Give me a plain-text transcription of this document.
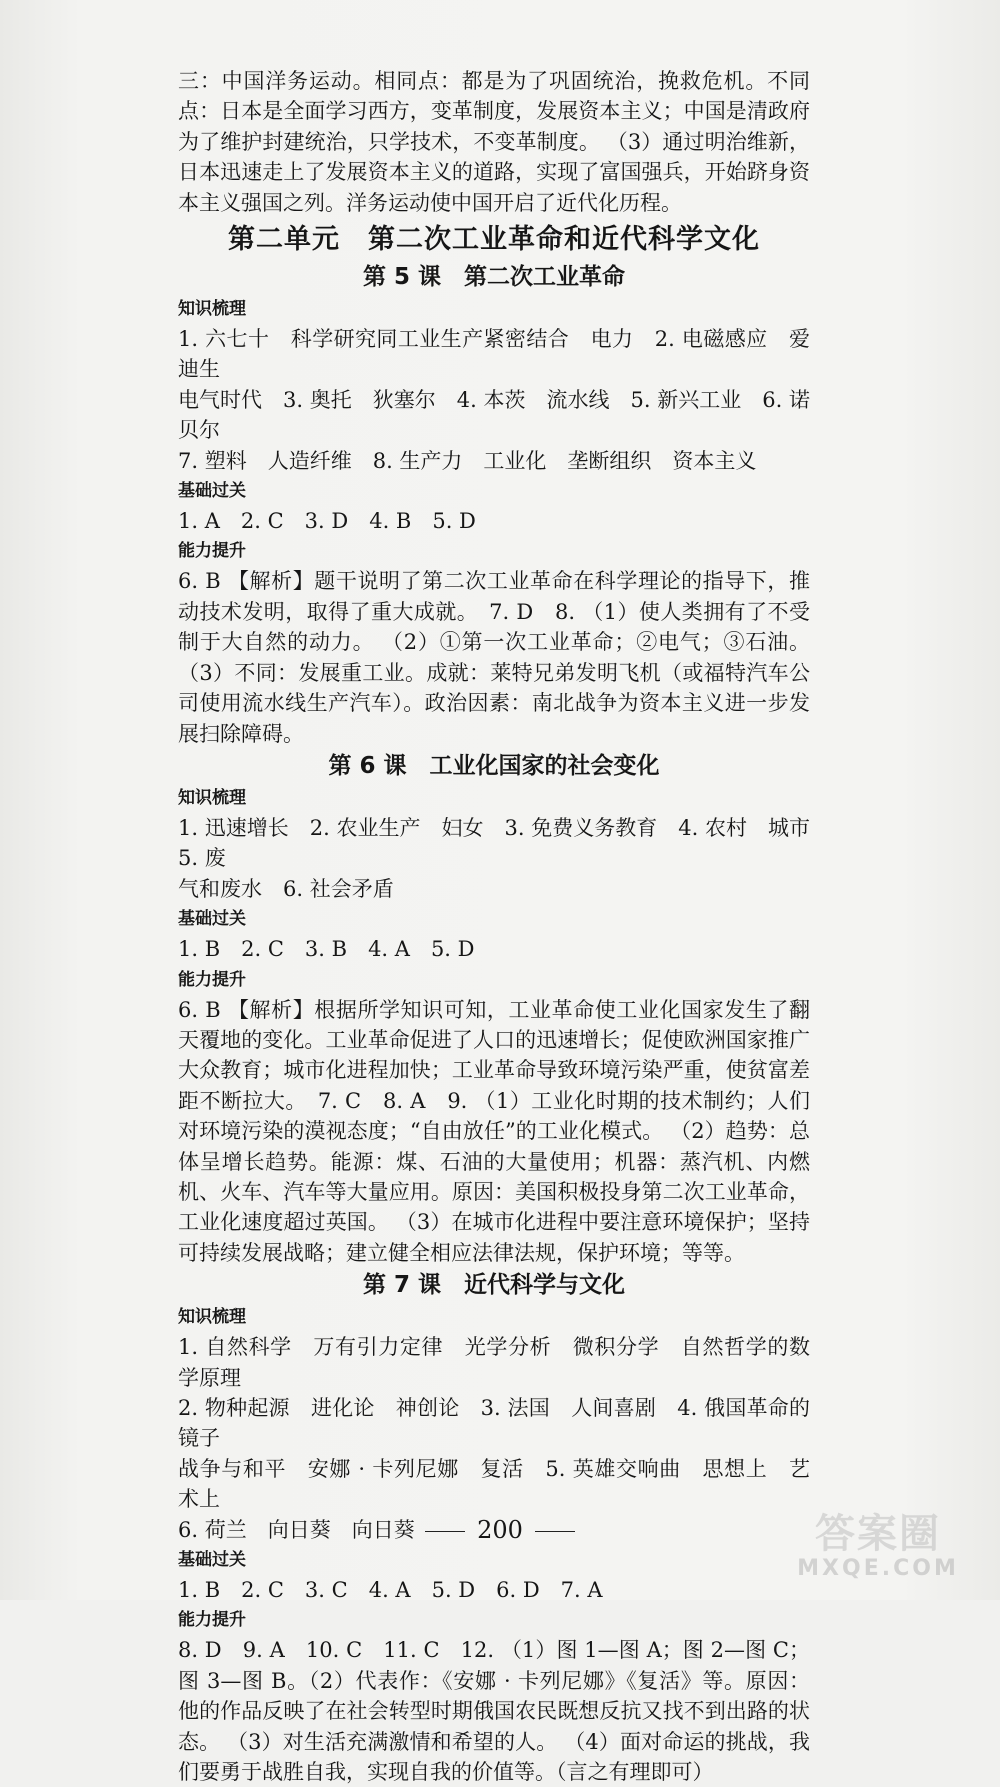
三：中国洋务运动。相同点：都是为了巩固统治，挽救危机。不同点：日本是全面学习西方，变革制度，发展资本主义；中国是清政府为了维护封建统治，只学技术，不变革制度。 （3）通过明治维新，日本迅速走上了发展资本主义的道路，实现了富国强兵，开始跻身资本主义强国之列。洋务运动使中国开启了近代化历程。

第二单元　第二次工业革命和近代科学文化
第 5 课　第二次工业革命
知识梳理
1. 六七十　科学研究同工业生产紧密结合　电力　2. 电磁感应　爱迪生
电气时代　3. 奥托　狄塞尔　4. 本茨　流水线　5. 新兴工业　6. 诺贝尔
7. 塑料　人造纤维　8. 生产力　工业化　垄断组织　资本主义
基础过关
1. A　2. C　3. D　4. B　5. D
能力提升

6. B 【解析】题干说明了第二次工业革命在科学理论的指导下，推动技术发明，取得了重大成就。　7. D　8. （1）使人类拥有了不受制于大自然的动力。 （2）①第一次工业革命；②电气；③石油。 （3）不同：发展重工业。成就：莱特兄弟发明飞机（或福特汽车公司使用流水线生产汽车）。政治因素：南北战争为资本主义进一步发展扫除障碍。

第 6 课　工业化国家的社会变化
知识梳理
1. 迅速增长　2. 农业生产　妇女　3. 免费义务教育　4. 农村　城市　5. 废
气和废水　6. 社会矛盾
基础过关
1. B　2. C　3. B　4. A　5. D
能力提升

6. B 【解析】根据所学知识可知，工业革命使工业化国家发生了翻天覆地的变化。工业革命促进了人口的迅速增长；促使欧洲国家推广大众教育；城市化进程加快；工业革命导致环境污染严重，使贫富差距不断拉大。　7. C　8. A　9. （1）工业化时期的技术制约；人们对环境污染的漠视态度；“自由放任”的工业化模式。 （2）趋势：总体呈增长趋势。能源：煤、石油的大量使用；机器：蒸汽机、内燃机、火车、汽车等大量应用。原因：美国积极投身第二次工业革命，工业化速度超过英国。 （3）在城市化进程中要注意环境保护；坚持可持续发展战略；建立健全相应法律法规，保护环境；等等。

第 7 课　近代科学与文化
知识梳理
1. 自然科学　万有引力定律　光学分析　微积分学　自然哲学的数学原理
2. 物种起源　进化论　神创论　3. 法国　人间喜剧　4. 俄国革命的镜子
战争与和平　安娜 · 卡列尼娜　复活　5. 英雄交响曲　思想上　艺术上
6. 荷兰　向日葵　向日葵
基础过关
1. B　2. C　3. C　4. A　5. D　6. D　7. A
能力提升

8. D　9. A　10. C　11. C　12. （1）图 1—图 A；图 2—图 C；图 3—图 B。（2）代表作：《安娜 · 卡列尼娜》《复活》等。原因：他的作品反映了在社会转型时期俄国农民既想反抗又找不到出路的状态。 （3）对生活充满激情和希望的人。 （4）面对命运的挑战，我们要勇于战胜自我，实现自我的价值等。（言之有理即可）

200	答案圈
MXQE.COM
